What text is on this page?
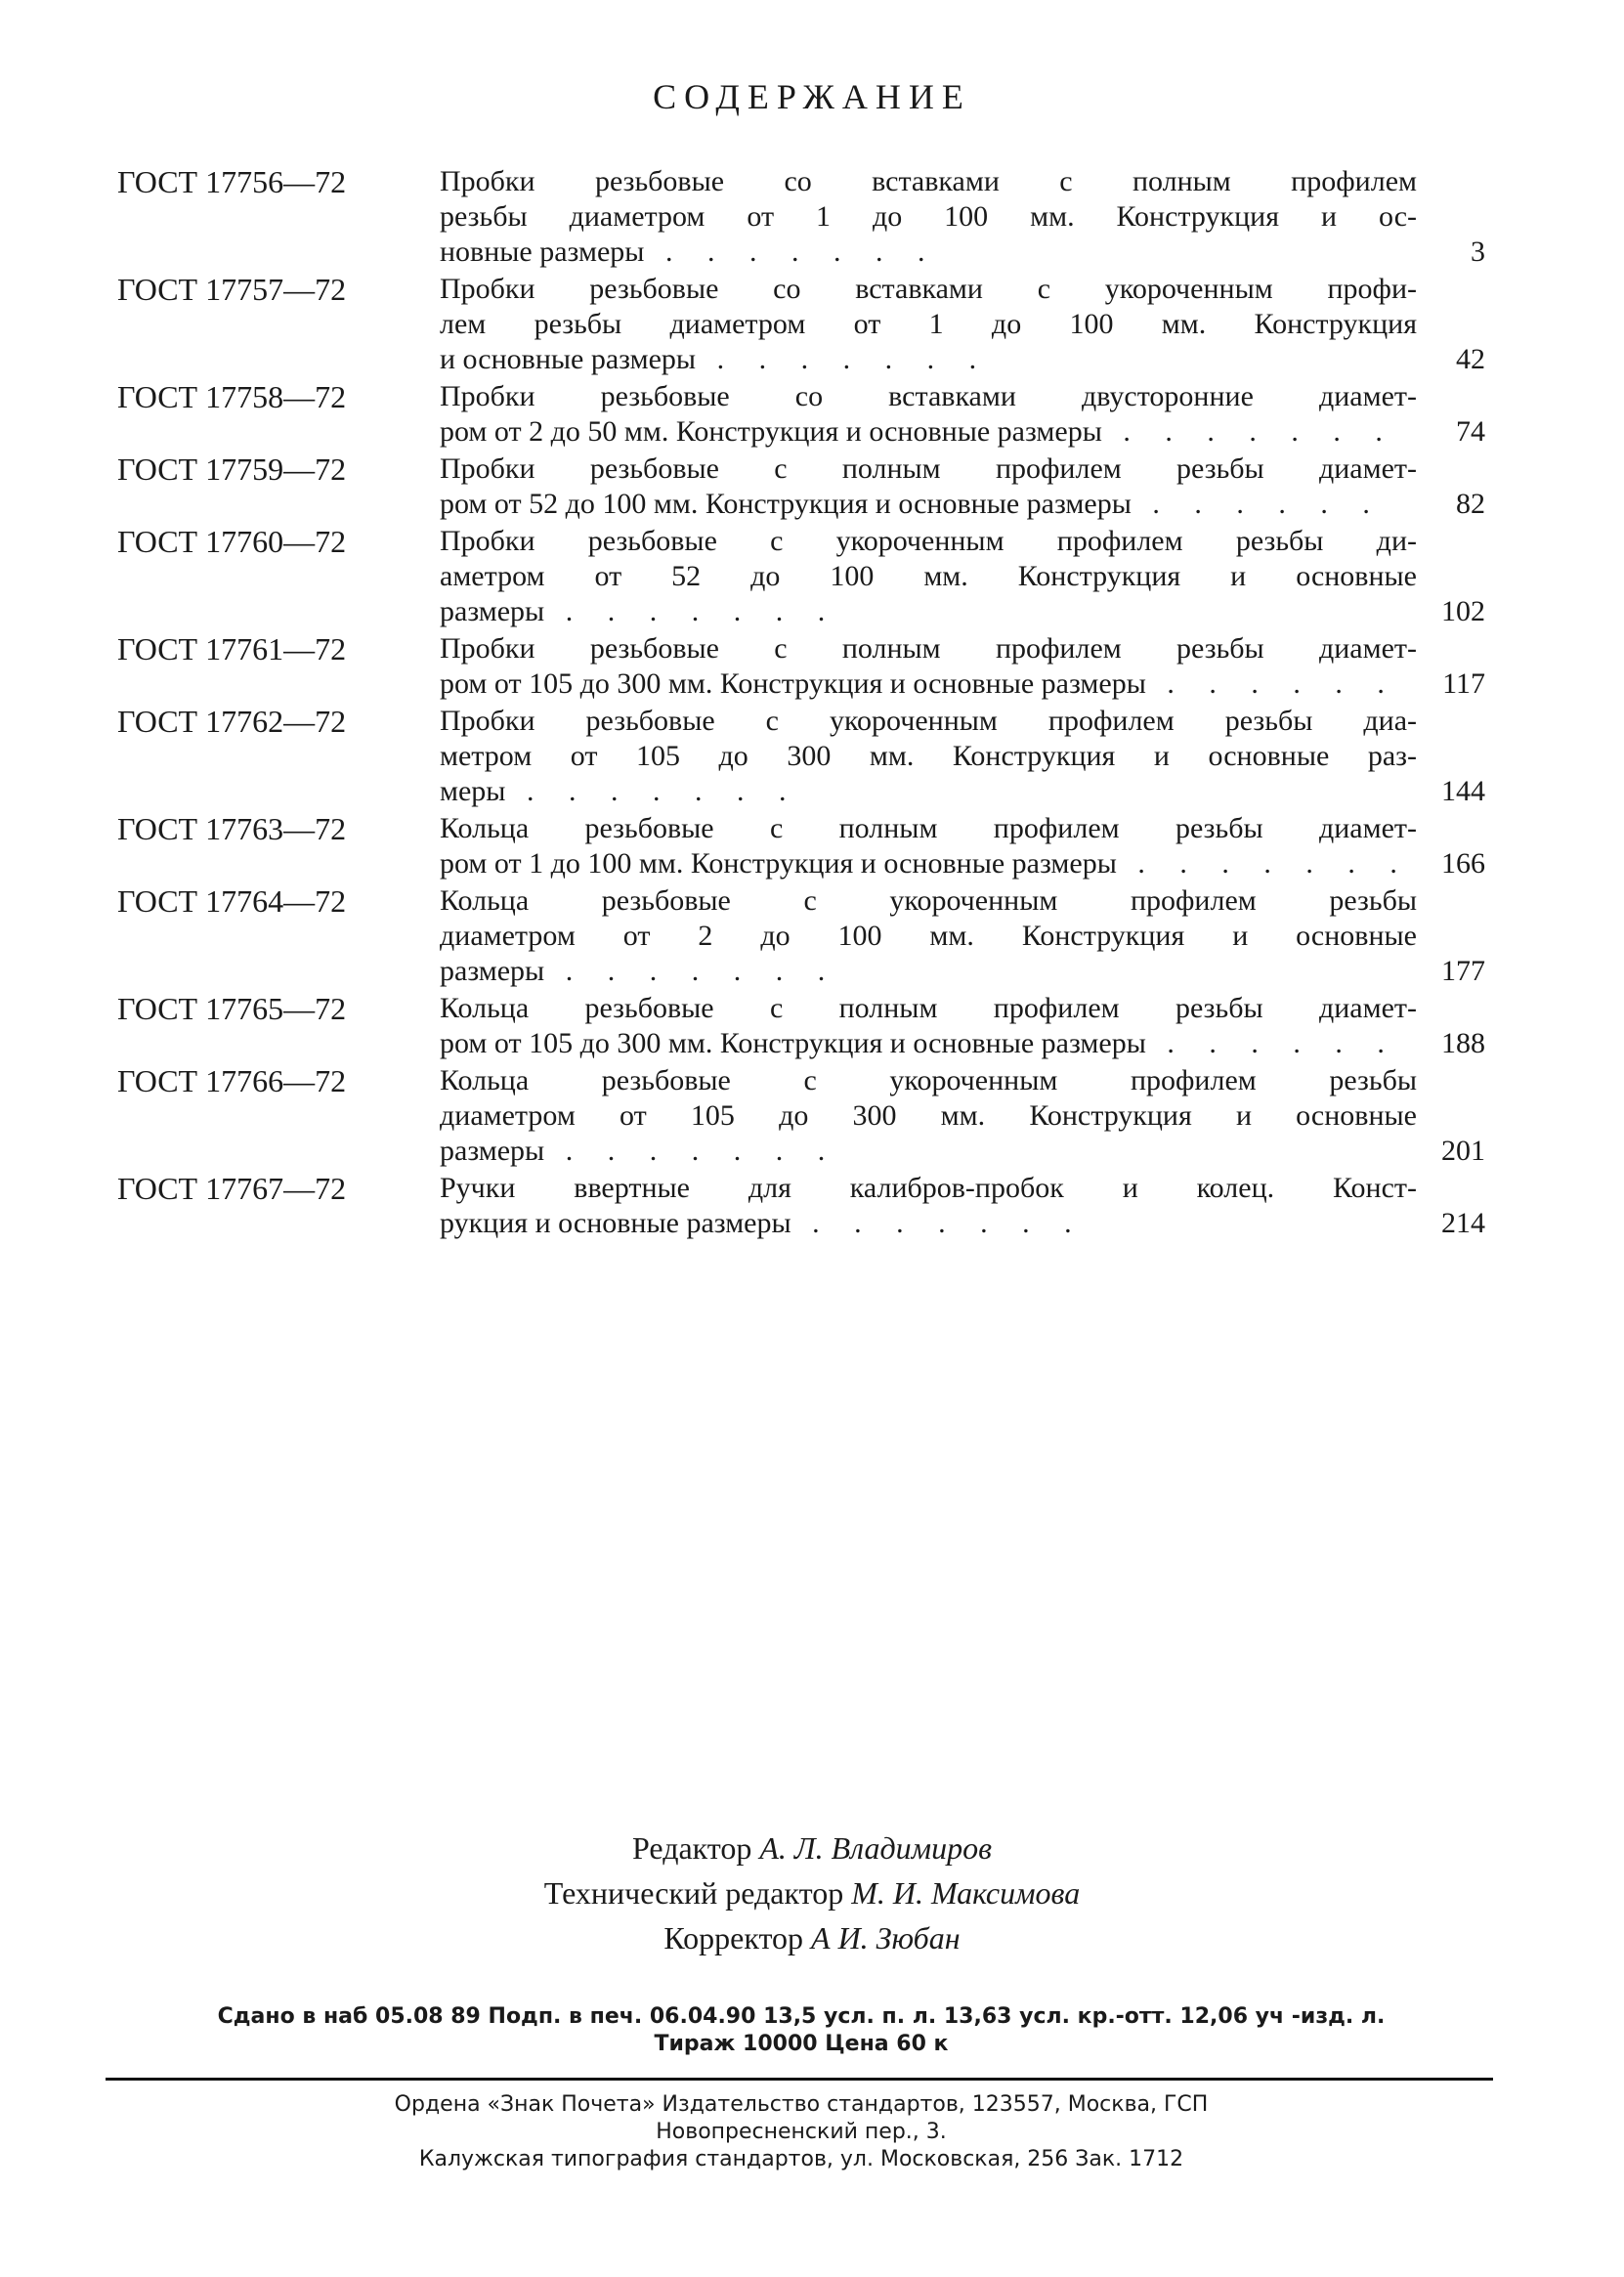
СОДЕРЖАНИЕ
ГОСТ 17756—72	Пробки резьбовые со вставками с полным профилем
резьбы диаметром от 1 до 100 мм. Конструкция и ос-
новные размеры . . . . . . .	3
ГОСТ 17757—72	Пробки резьбовые со вставками с укороченным профи-
лем резьбы диаметром от 1 до 100 мм. Конструкция
и основные размеры . . . . . . .	42
ГОСТ 17758—72	Пробки резьбовые со вставками двусторонние диамет-
ром от 2 до 50 мм. Конструкция и основные размеры . . . . . . .	74
ГОСТ 17759—72	Пробки резьбовые с полным профилем резьбы диамет-
ром от 52 до 100 мм. Конструкция и основные размеры . . . . . .	82
ГОСТ 17760—72	Пробки резьбовые с укороченным профилем резьбы ди-
аметром от 52 до 100 мм. Конструкция и основные
размеры . . . . . . .	102
ГОСТ 17761—72	Пробки резьбовые с полным профилем резьбы диамет-
ром от 105 до 300 мм. Конструкция и основные размеры . . . . . .	117
ГОСТ 17762—72	Пробки резьбовые с укороченным профилем резьбы диа-
метром от 105 до 300 мм. Конструкция и основные раз-
меры . . . . . . .	144
ГОСТ 17763—72	Кольца резьбовые с полным профилем резьбы диамет-
ром от 1 до 100 мм. Конструкция и основные размеры . . . . . . .	166
ГОСТ 17764—72	Кольца резьбовые с укороченным профилем резьбы
диаметром от 2 до 100 мм. Конструкция и основные
размеры . . . . . . .	177
ГОСТ 17765—72	Кольца резьбовые с полным профилем резьбы диамет-
ром от 105 до 300 мм. Конструкция и основные размеры . . . . . .	188
ГОСТ 17766—72	Кольца резьбовые с укороченным профилем резьбы
диаметром от 105 до 300 мм. Конструкция и основные
размеры . . . . . . .	201
ГОСТ 17767—72	Ручки ввертные для калибров-пробок и колец. Конст-
рукция и основные размеры . . . . . . .	214
Редактор А. Л. Владимиров
Технический редактор М. И. Максимова
Корректор А И. Зюбан
Сдано в наб 05.08 89 Подп. в печ. 06.04.90 13,5 усл. п. л. 13,63 усл. кр.-отт. 12,06 уч -изд. л.
Тираж 10000 Цена 60 к
Ордена «Знак Почета» Издательство стандартов, 123557, Москва, ГСП
Новопресненский пер., 3.
Калужская типография стандартов, ул. Московская, 256 Зак. 1712
